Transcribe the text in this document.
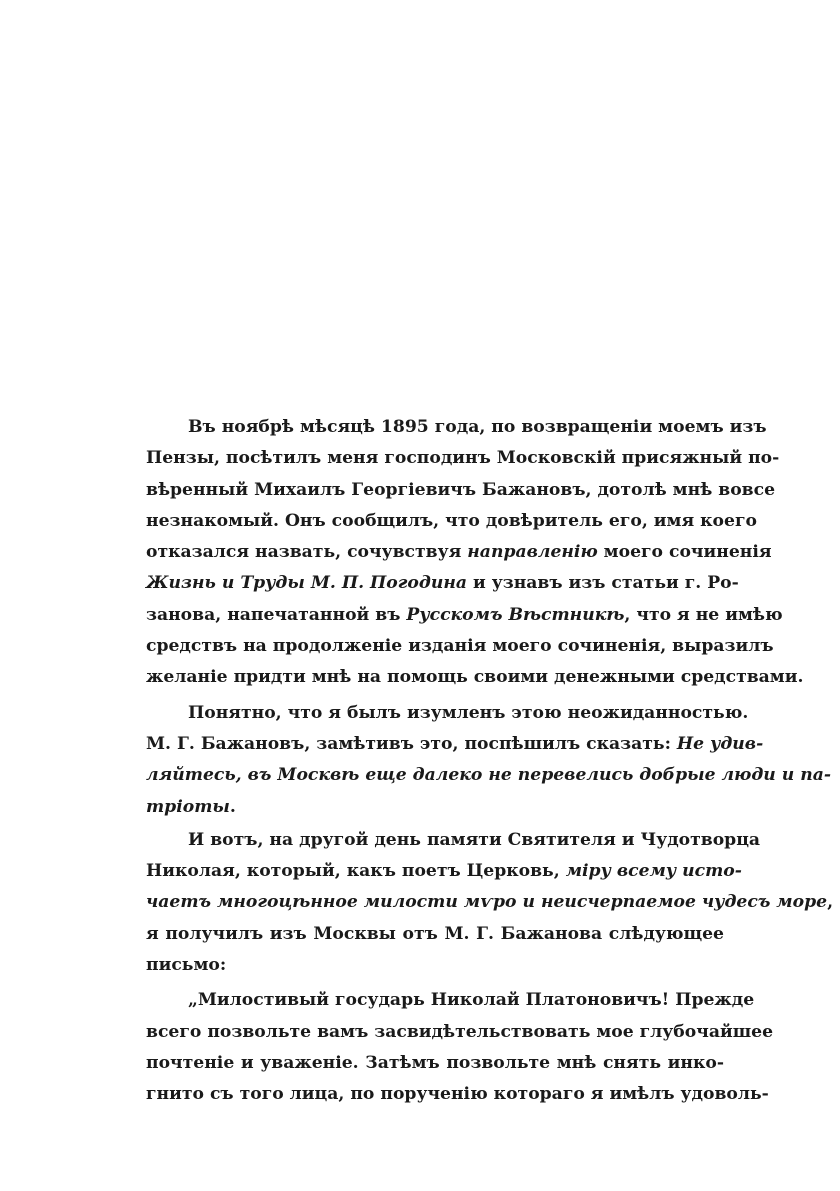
Въ ноябрѣ мѣсяцѣ 1895 года, по возвращеніи моемъ изъ
Пензы, посѣтилъ меня господинъ Московскій присяжный по-
вѣренный Михаилъ Георгіевичъ Бажановъ, дотолѣ мнѣ вовсе
незнакомый. Онъ сообщилъ, что довѣритель его, имя коего
отказался назвать, сочувствуя направленію моего сочиненія
Жизнь и Труды М. П. Погодина и узнавъ изъ статьи г. Ро-
занова, напечатанной въ Русскомъ Вѣстникѣ, что я не имѣю
средствъ на продолженіе изданія моего сочиненія, выразилъ
желаніе придти мнѣ на помощь своими денежными средствами.
Понятно, что я былъ изумленъ этою неожиданностью.
М. Г. Бажановъ, замѣтивъ это, поспѣшилъ сказать: Не удив-
ляйтесь, въ Москвѣ еще далеко не перевелись добрые люди и па-
тріоты.
И вотъ, на другой день памяти Святителя и Чудотворца
Николая, который, какъ поетъ Церковь, міру всему исто-
чаетъ многоцѣнное милости мѵро и неисчерпаемое чудесъ море,
я получилъ изъ Москвы отъ М. Г. Бажанова слѣдующее
письмо:
„Милостивый государь Николай Платоновичъ! Прежде
всего позвольте вамъ засвидѣтельствовать мое глубочайшее
почтеніе и уваженіе. Затѣмъ позвольте мнѣ снять инко-
гнито съ того лица, по порученію котораго я имѣлъ удоволь-
